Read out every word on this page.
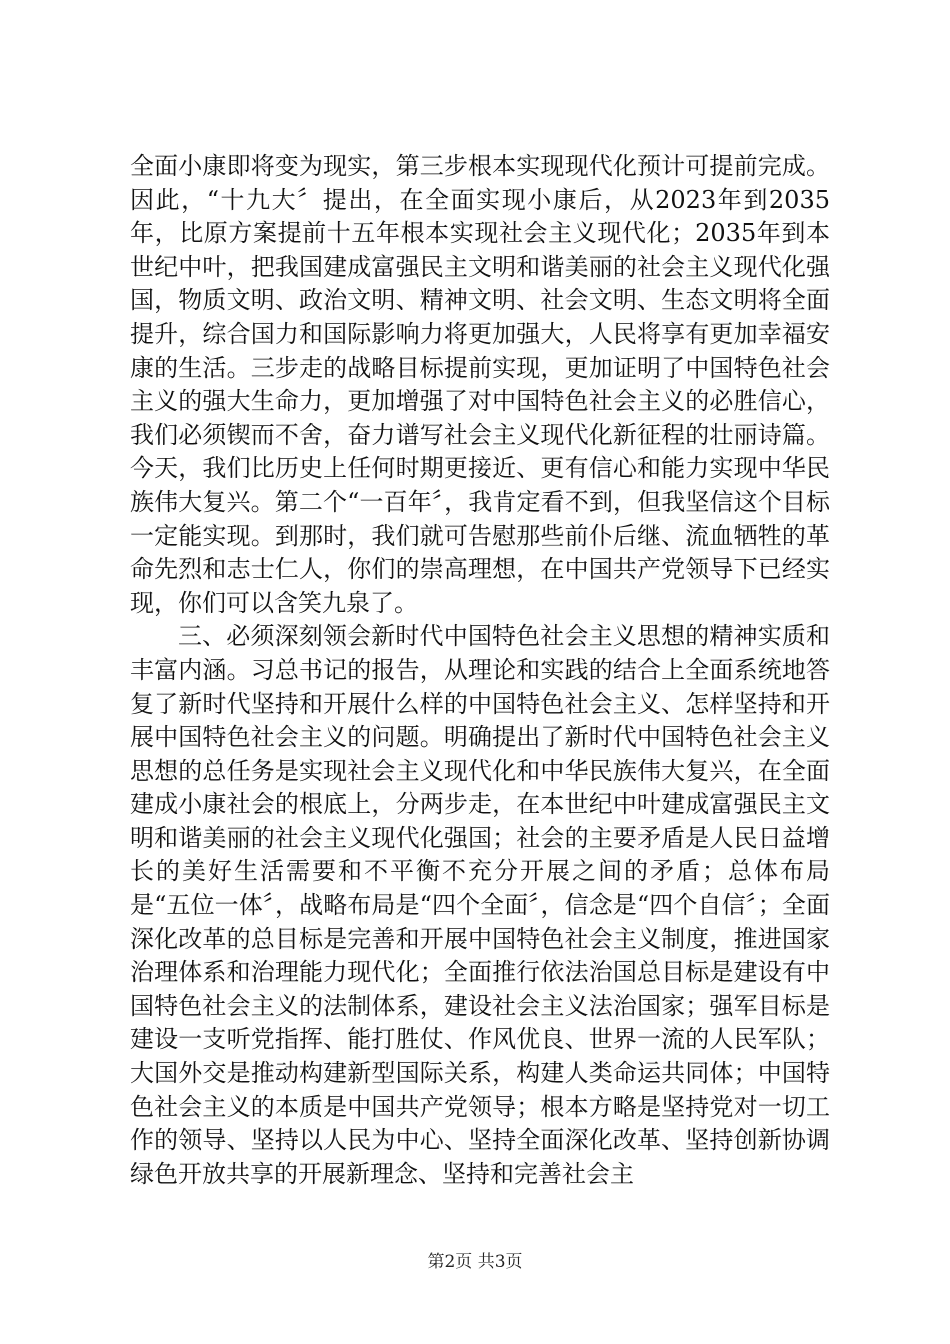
全面小康即将变为现实，第三步根本实现现代化预计可提前完成。因此，“十九大〞提出，在全面实现小康后，从2023年到2035年，比原方案提前十五年根本实现社会主义现代化；2035年到本世纪中叶，把我国建成富强民主文明和谐美丽的社会主义现代化强国，物质文明、政治文明、精神文明、社会文明、生态文明将全面提升，综合国力和国际影响力将更加强大，人民将享有更加幸福安康的生活。三步走的战略目标提前实现，更加证明了中国特色社会主义的强大生命力，更加增强了对中国特色社会主义的必胜信心，我们必须锲而不舍，奋力谱写社会主义现代化新征程的壮丽诗篇。今天，我们比历史上任何时期更接近、更有信心和能力实现中华民族伟大复兴。第二个“一百年〞，我肯定看不到，但我坚信这个目标一定能实现。到那时，我们就可告慰那些前仆后继、流血牺牲的革命先烈和志士仁人，你们的崇高理想，在中国共产党领导下已经实现，你们可以含笑九泉了。

三、必须深刻领会新时代中国特色社会主义思想的精神实质和丰富内涵。习总书记的报告，从理论和实践的结合上全面系统地答复了新时代坚持和开展什么样的中国特色社会主义、怎样坚持和开展中国特色社会主义的问题。明确提出了新时代中国特色社会主义思想的总任务是实现社会主义现代化和中华民族伟大复兴，在全面建成小康社会的根底上，分两步走，在本世纪中叶建成富强民主文明和谐美丽的社会主义现代化强国；社会的主要矛盾是人民日益增长的美好生活需要和不平衡不充分开展之间的矛盾；总体布局是“五位一体〞，战略布局是“四个全面〞，信念是“四个自信〞；全面深化改革的总目标是完善和开展中国特色社会主义制度，推进国家治理体系和治理能力现代化；全面推行依法治国总目标是建设有中国特色社会主义的法制体系，建设社会主义法治国家；强军目标是建设一支听党指挥、能打胜仗、作风优良、世界一流的人民军队；大国外交是推动构建新型国际关系，构建人类命运共同体；中国特色社会主义的本质是中国共产党领导；根本方略是坚持党对一切工作的领导、坚持以人民为中心、坚持全面深化改革、坚持创新协调绿色开放共享的开展新理念、坚持和完善社会主

第2页 共3页
